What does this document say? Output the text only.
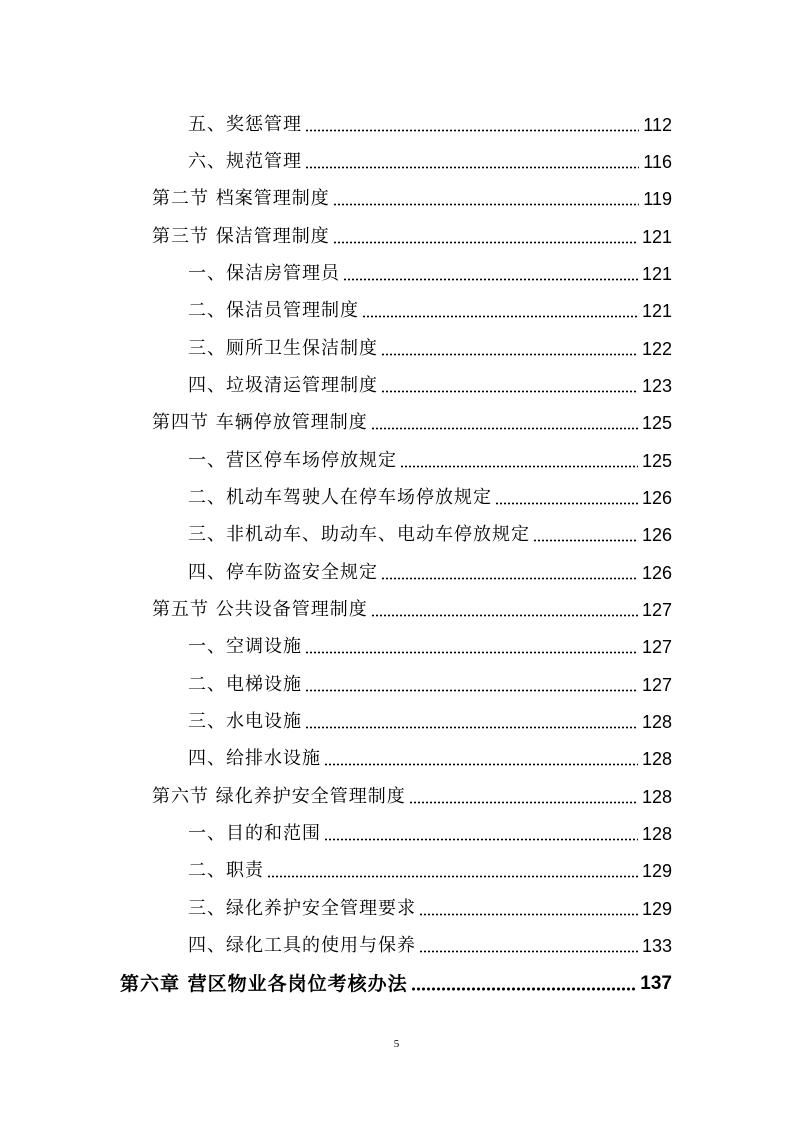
五、奖惩管理	112
六、规范管理	116
第二节 档案管理制度	119
第三节 保洁管理制度	121
一、保洁房管理员	121
二、保洁员管理制度	121
三、厕所卫生保洁制度	122
四、垃圾清运管理制度	123
第四节 车辆停放管理制度	125
一、营区停车场停放规定	125
二、机动车驾驶人在停车场停放规定	126
三、非机动车、助动车、电动车停放规定	126
四、停车防盗安全规定	126
第五节 公共设备管理制度	127
一、空调设施	127
二、电梯设施	127
三、水电设施	128
四、给排水设施	128
第六节 绿化养护安全管理制度	128
一、目的和范围	128
二、职责	129
三、绿化养护安全管理要求	129
四、绿化工具的使用与保养	133
第六章 营区物业各岗位考核办法	137
5
